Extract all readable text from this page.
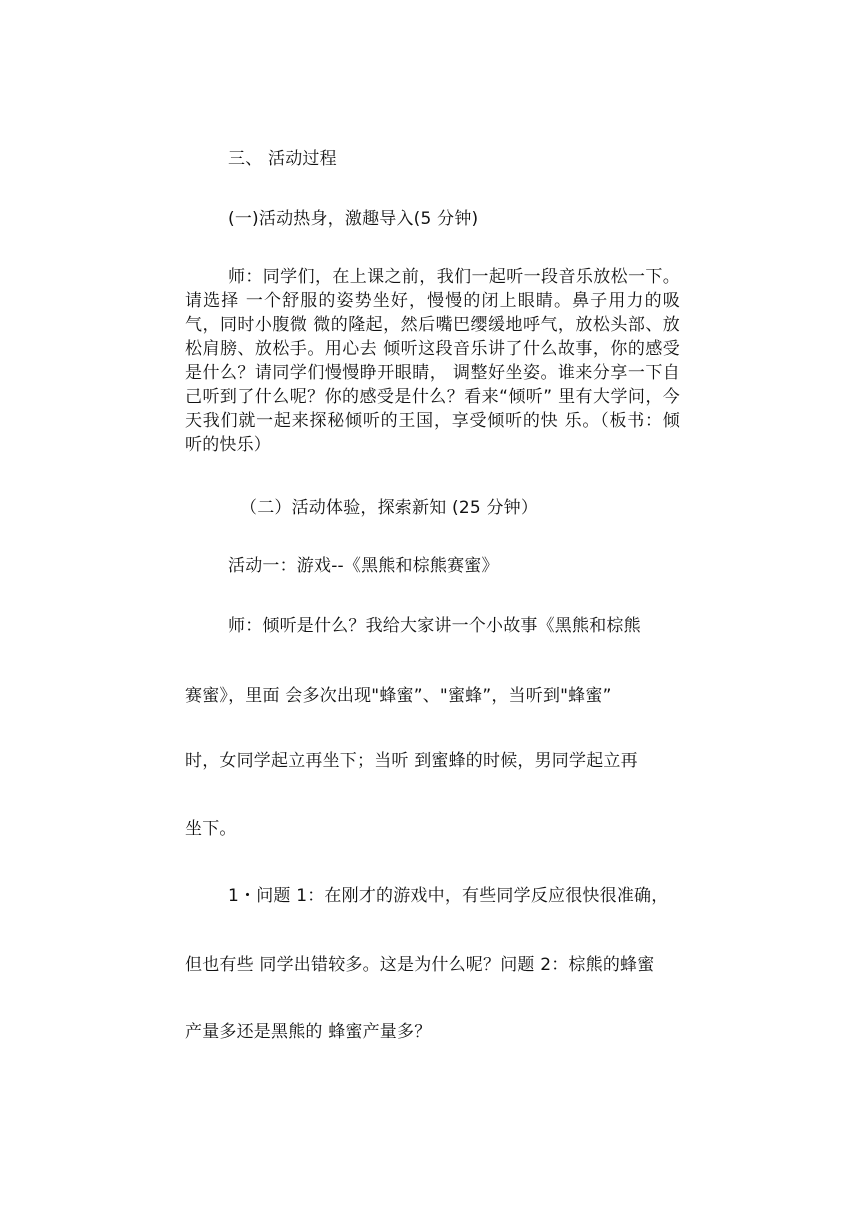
三、 活动过程
(一)活动热身，激趣导入(5 分钟)
师：同学们，在上课之前，我们一起听一段音乐放松一下。请选择 一个舒服的姿势坐好，慢慢的闭上眼睛。鼻子用力的吸气，同时小腹微 微的隆起，然后嘴巴缨缓地呼气，放松头部、放松肩膀、放松手。用心去 倾听这段音乐讲了什么故事，你的感受是什么？请同学们慢慢睁开眼睛， 调整好坐姿。谁来分享一下自己听到了什么呢？你的感受是什么？看来“倾听” 里有大学问，今天我们就一起来探秘倾听的王国，享受倾听的快 乐。（板书：倾听的快乐）
（二）活动体验，探索新知 (25 分钟）
活动一：游戏--《黑熊和棕熊赛蜜》
师：倾听是什么？我给大家讲一个小故事《黑熊和棕熊
赛蜜》，里面 会多次出现"蜂蜜”、"蜜蜂”，当听到"蜂蜜”
时，女同学起立再坐下；当听 到蜜蜂的时候，男同学起立再
坐下。
1・问题 1：在刚才的游戏中，有些同学反应很快很准确，
但也有些 同学出错较多。这是为什么呢？问题 2：棕熊的蜂蜜
产量多还是黑熊的 蜂蜜产量多？
